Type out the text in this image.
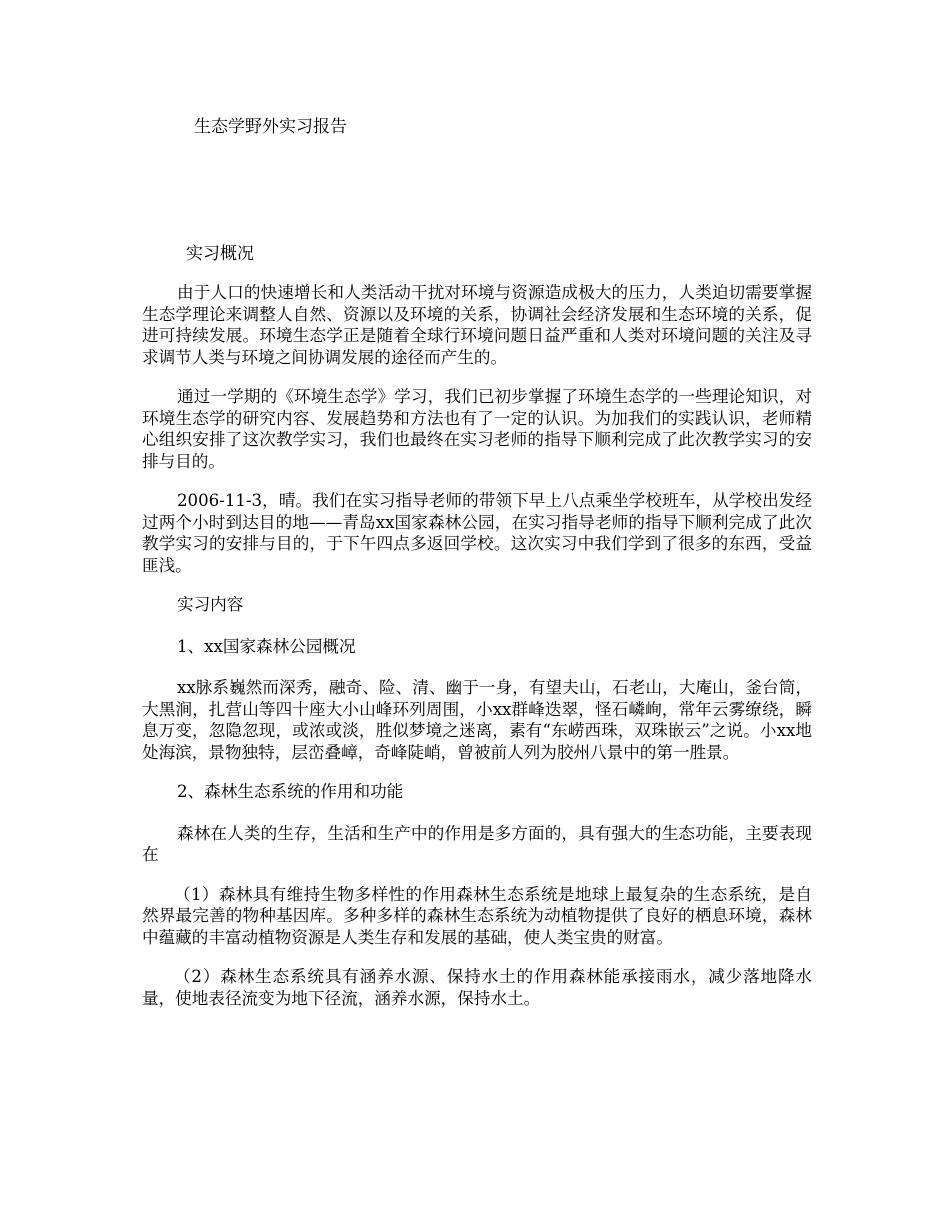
生态学野外实习报告
实习概况

由于人口的快速增长和人类活动干扰对环境与资源造成极大的压力，人类迫切需要掌握生态学理论来调整人自然、资源以及环境的关系，协调社会经济发展和生态环境的关系，促进可持续发展。环境生态学正是随着全球行环境问题日益严重和人类对环境问题的关注及寻求调节人类与环境之间协调发展的途径而产生的。

通过一学期的《环境生态学》学习，我们已初步掌握了环境生态学的一些理论知识，对环境生态学的研究内容、发展趋势和方法也有了一定的认识。为加我们的实践认识，老师精心组织安排了这次教学实习，我们也最终在实习老师的指导下顺利完成了此次教学实习的安排与目的。

2006-11-3，晴。我们在实习指导老师的带领下早上八点乘坐学校班车，从学校出发经过两个小时到达目的地——青岛xx国家森林公园，在实习指导老师的指导下顺利完成了此次教学实习的安排与目的，于下午四点多返回学校。这次实习中我们学到了很多的东西，受益匪浅。

实习内容

1、xx国家森林公园概况

xx脉系巍然而深秀，融奇、险、清、幽于一身，有望夫山，石老山，大庵山，釜台筒，大黑涧，扎营山等四十座大小山峰环列周围，小xx群峰迭翠，怪石嶙峋，常年云雾缭绕，瞬息万变，忽隐忽现，或浓或淡，胜似梦境之迷离，素有“东崂西珠，双珠嵌云”之说。小xx地处海滨，景物独特，层峦叠嶂，奇峰陡峭，曾被前人列为胶州八景中的第一胜景。

2、森林生态系统的作用和功能

森林在人类的生存，生活和生产中的作用是多方面的，具有强大的生态功能，主要表现在

（1）森林具有维持生物多样性的作用森林生态系统是地球上最复杂的生态系统，是自然界最完善的物种基因库。多种多样的森林生态系统为动植物提供了良好的栖息环境，森林中蕴藏的丰富动植物资源是人类生存和发展的基础，使人类宝贵的财富。

（2）森林生态系统具有涵养水源、保持水土的作用森林能承接雨水，减少落地降水量，使地表径流变为地下径流，涵养水源，保持水土。
